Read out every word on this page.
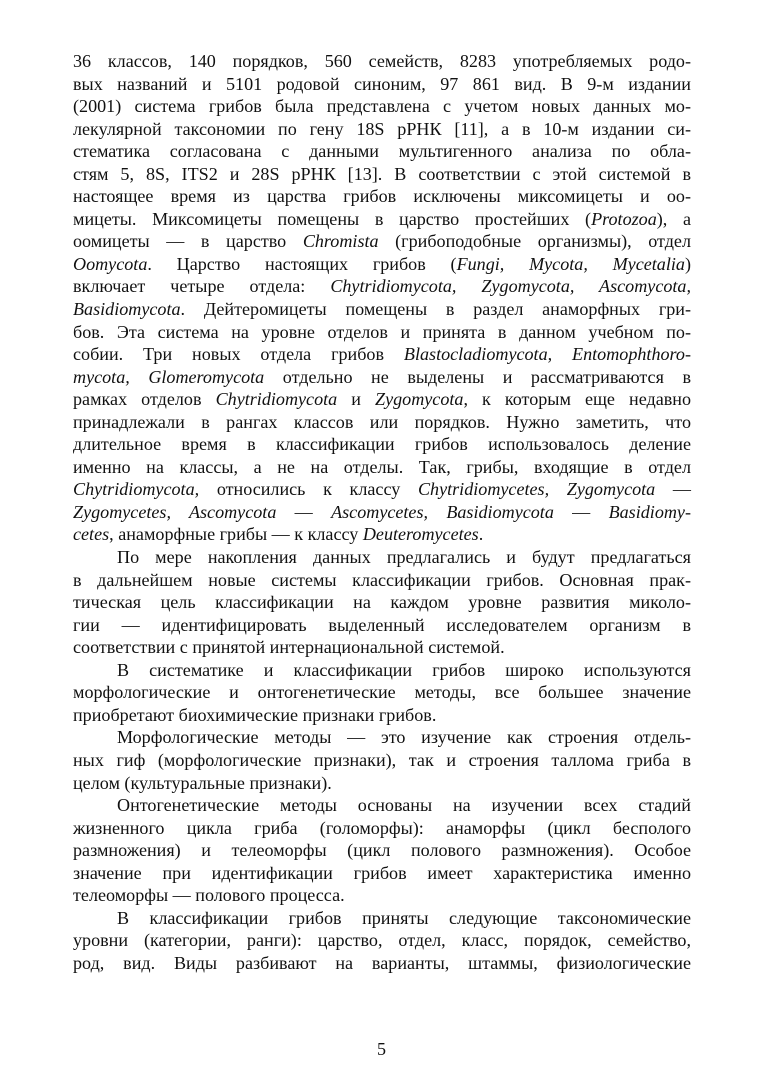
36 классов, 140 порядков, 560 семейств, 8283 употребляемых родо-
вых названий и 5101 родовой синоним, 97 861 вид. В 9-м издании
(2001) система грибов была представлена с учетом новых данных мо-
лекулярной таксономии по гену 18S рРНК [11], а в 10-м издании си-
стематика согласована с данными мультигенного анализа по обла-
стям 5, 8S, ITS2 и 28S рРНК [13]. В соответствии с этой системой в
настоящее время из царства грибов исключены миксомицеты и оо-
мицеты. Миксомицеты помещены в царство простейших (Protozoa), а
оомицеты — в царство Chromista (грибоподобные организмы), отдел
Oomycota. Царство настоящих грибов (Fungi, Mycota, Mycetalia)
включает четыре отдела: Chytridiomycota, Zygomycota, Ascomycota,
Basidiomycota. Дейтеромицеты помещены в раздел анаморфных гри-
бов. Эта система на уровне отделов и принята в данном учебном по-
собии. Три новых отдела грибов Blastocladiomycota, Entomophthoro-
mycota, Glomeromycota отдельно не выделены и рассматриваются в
рамках отделов Chytridiomycota и Zygomycota, к которым еще недавно
принадлежали в рангах классов или порядков. Нужно заметить, что
длительное время в классификации грибов использовалось деление
именно на классы, а не на отделы. Так, грибы, входящие в отдел
Chytridiomycota, относились к классу Chytridiomycetes, Zygomycota —
Zygomycetes, Ascomycota — Ascomycetes, Basidiomycota — Basidiomy-
cetes, анаморфные грибы — к классу Deuteromycetes.
По мере накопления данных предлагались и будут предлагаться
в дальнейшем новые системы классификации грибов. Основная прак-
тическая цель классификации на каждом уровне развития миколо-
гии — идентифицировать выделенный исследователем организм в
соответствии с принятой интернациональной системой.
В систематике и классификации грибов широко используются
морфологические и онтогенетические методы, все большее значение
приобретают биохимические признаки грибов.
Морфологические методы — это изучение как строения отдель-
ных гиф (морфологические признаки), так и строения таллома гриба в
целом (культуральные признаки).
Онтогенетические методы основаны на изучении всех стадий
жизненного цикла гриба (голоморфы): анаморфы (цикл бесполого
размножения) и телеоморфы (цикл полового размножения). Особое
значение при идентификации грибов имеет характеристика именно
телеоморфы — полового процесса.
В классификации грибов приняты следующие таксономические
уровни (категории, ранги): царство, отдел, класс, порядок, семейство,
род, вид. Виды разбивают на варианты, штаммы, физиологические
5
